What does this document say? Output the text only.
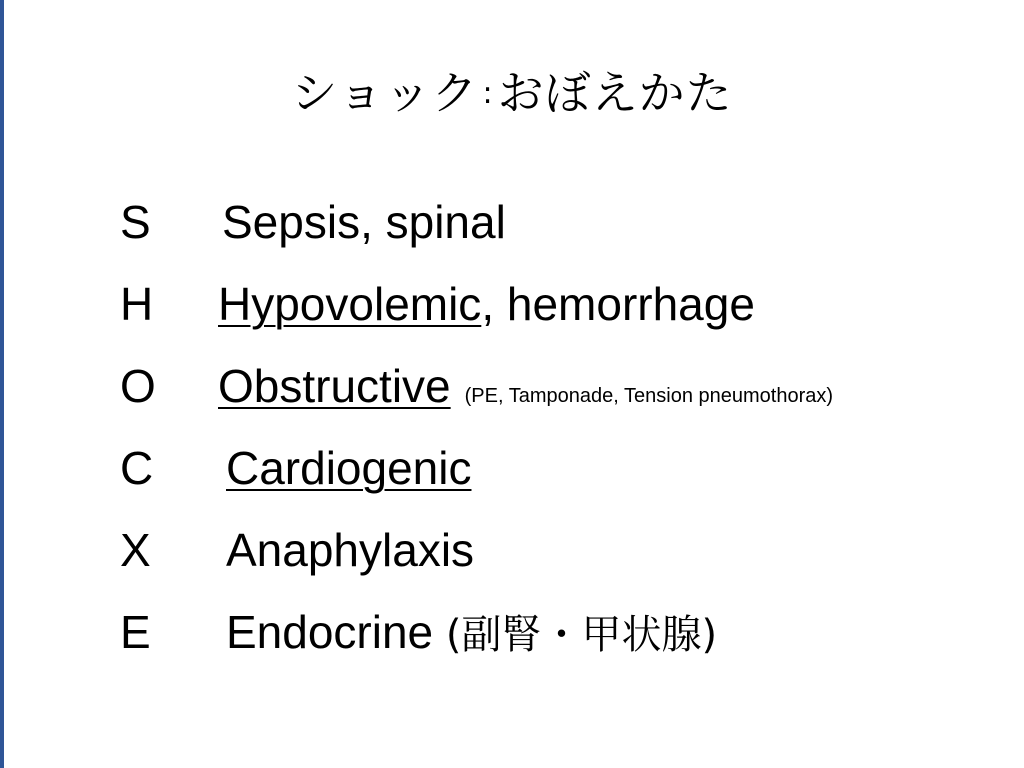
ショック :おぼえかた
S Sepsis, spinal
H Hypovolemic, hemorrhage
O Obstructive (PE, Tamponade, Tension pneumothorax)
C Cardiogenic
X Anaphylaxis
E Endocrine (副腎・甲状腺)
